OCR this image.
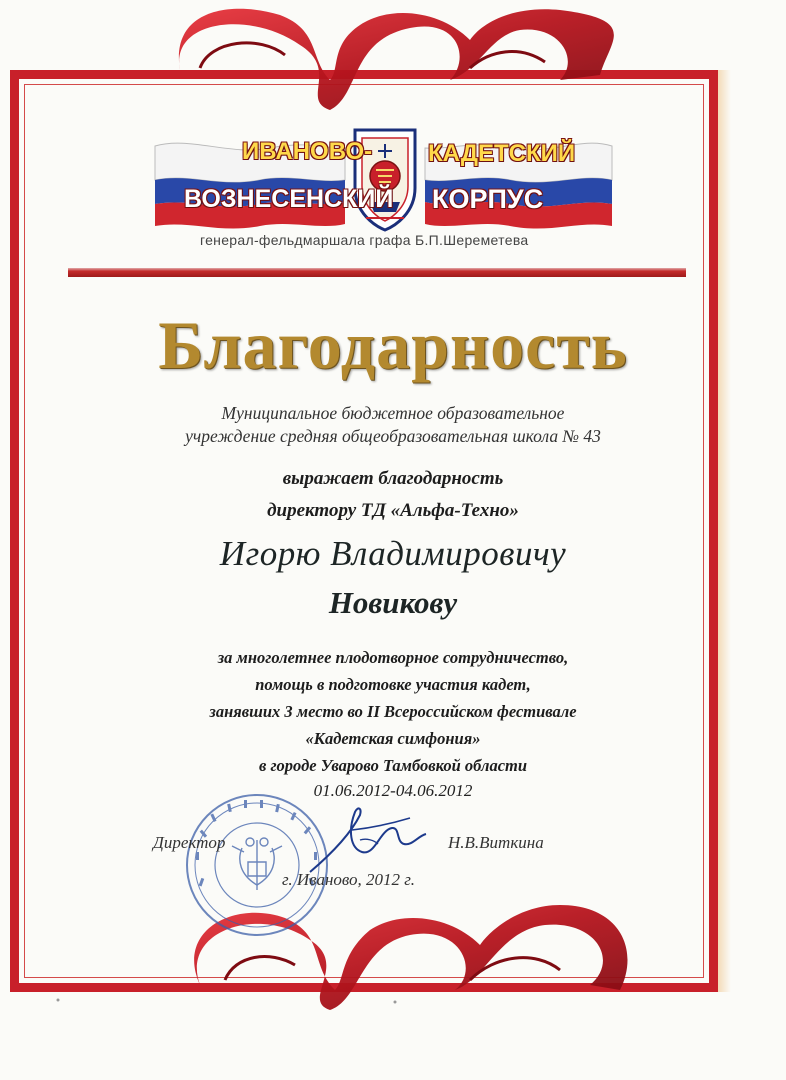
ИВАНОВО-
ВОЗНЕСЕНСКИЙ
КАДЕТСКИЙ
КОРПУС
генерал-фельдмаршала графа Б.П.Шереметева
Благодарность
Муниципальное бюджетное образовательное
учреждение средняя общеобразовательная школа № 43
выражает благодарность
директору ТД «Альфа-Техно»
Игорю Владимировичу
Новикову
за многолетнее плодотворное сотрудничество,
помощь в подготовке участия кадет,
занявших 3 место во II Всероссийском фестивале
«Кадетская симфония»
в городе Уварово Тамбовкой области
01.06.2012-04.06.2012
Директор	Н.В.Виткина
г. Иваново, 2012 г.
